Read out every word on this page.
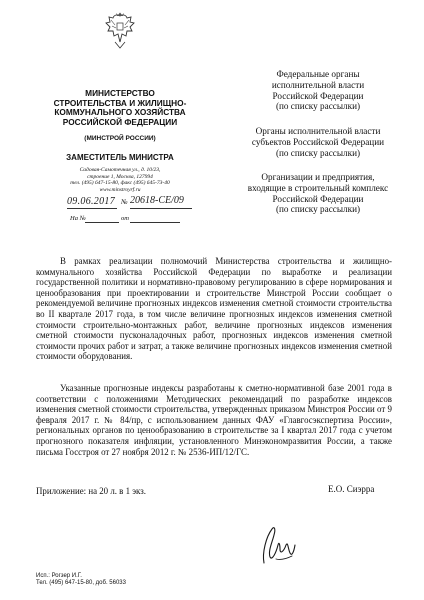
МИНИСТЕРСТВО
СТРОИТЕЛЬСТВА И ЖИЛИЩНО-
КОММУНАЛЬНОГО ХОЗЯЙСТВА
РОССИЙСКОЙ ФЕДЕРАЦИИ
(МИНСТРОЙ РОССИИ)
ЗАМЕСТИТЕЛЬ МИНИСТРА
Садовая-Самотечная ул., д. 10/23,
строение 1, Москва, 127994
тел. (495) 647-15-80, факс (495) 645-73-40
www.minstroyrf.ru
09.06.2017 № 20618-СЕ/09
На №	от
Федеральные органы
исполнительной власти
Российской Федерации
(по списку рассылки)
Органы исполнительной власти
субъектов Российской Федерации
(по списку рассылки)
Организации и предприятия,
входящие в строительный комплекс
Российской Федерации
(по списку рассылки)
В рамках реализации полномочий Министерства строительства и жилищно-коммунального хозяйства Российской Федерации по выработке и реализации государственной политики и нормативно-правовому регулированию в сфере нормирования и ценообразования при проектировании и строительстве Минстрой России сообщает о рекомендуемой величине прогнозных индексов изменения сметной стоимости строительства во II квартале 2017 года, в том числе величине прогнозных индексов изменения сметной стоимости строительно-монтажных работ, величине прогнозных индексов изменения сметной стоимости пусконаладочных работ, прогнозных индексов изменения сметной стоимости прочих работ и затрат, а также величине прогнозных индексов изменения сметной стоимости оборудования.
Указанные прогнозные индексы разработаны к сметно-нормативной базе 2001 года в соответствии с положениями Методических рекомендаций по разработке индексов изменения сметной стоимости строительства, утвержденных приказом Минстроя России от 9 февраля 2017 г. № 84/пр, с использованием данных ФАУ «Главгосэкспертиза России», региональных органов по ценообразованию в строительстве за I квартал 2017 года с учетом прогнозного показателя инфляции, установленного Минэкономразвития России, а также письма Госстроя от 27 ноября 2012 г. № 2536-ИП/12/ГС.
Приложение: на 20 л. в 1 экз.	Е.О. Сиэрра
Исп.: Рогзер И.Г.
Тел. (495) 647-15-80, доб. 56033
